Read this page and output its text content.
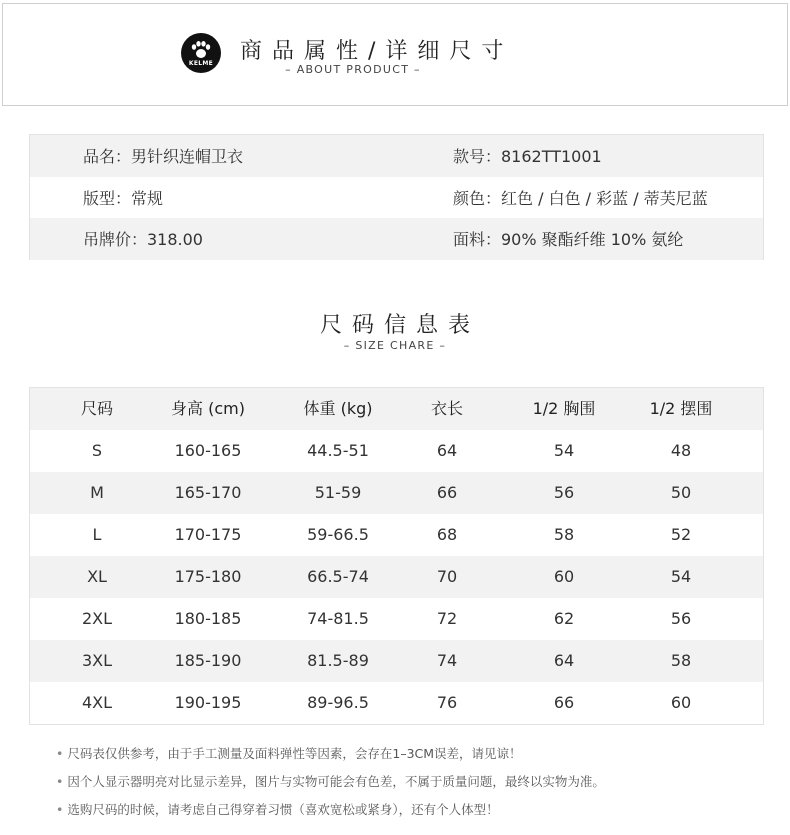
KELME	商品属性/详细尺寸
– ABOUT PRODUCT –
品名：男针织连帽卫衣	款号：8162TT1001
版型：常规	颜色：红色 / 白色 / 彩蓝 / 蒂芙尼蓝
吊牌价：318.00	面料：90% 聚酯纤维 10% 氨纶
尺码信息表
– SIZE CHARE –
尺码	身高 (cm)	体重 (kg)	衣长	1/2 胸围	1/2 摆围
S	160-165	44.5-51	64	54	48
M	165-170	51-59	66	56	50
L	170-175	59-66.5	68	58	52
XL	175-180	66.5-74	70	60	54
2XL	180-185	74-81.5	72	62	56
3XL	185-190	81.5-89	74	64	58
4XL	190-195	89-96.5	76	66	60
• 尺码表仅供参考，由于手工测量及面料弹性等因素，会存在1–3CM误差，请见谅！
• 因个人显示器明亮对比显示差异，图片与实物可能会有色差，不属于质量问题，最终以实物为准。
• 选购尺码的时候，请考虑自己得穿着习惯（喜欢宽松或紧身），还有个人体型！
